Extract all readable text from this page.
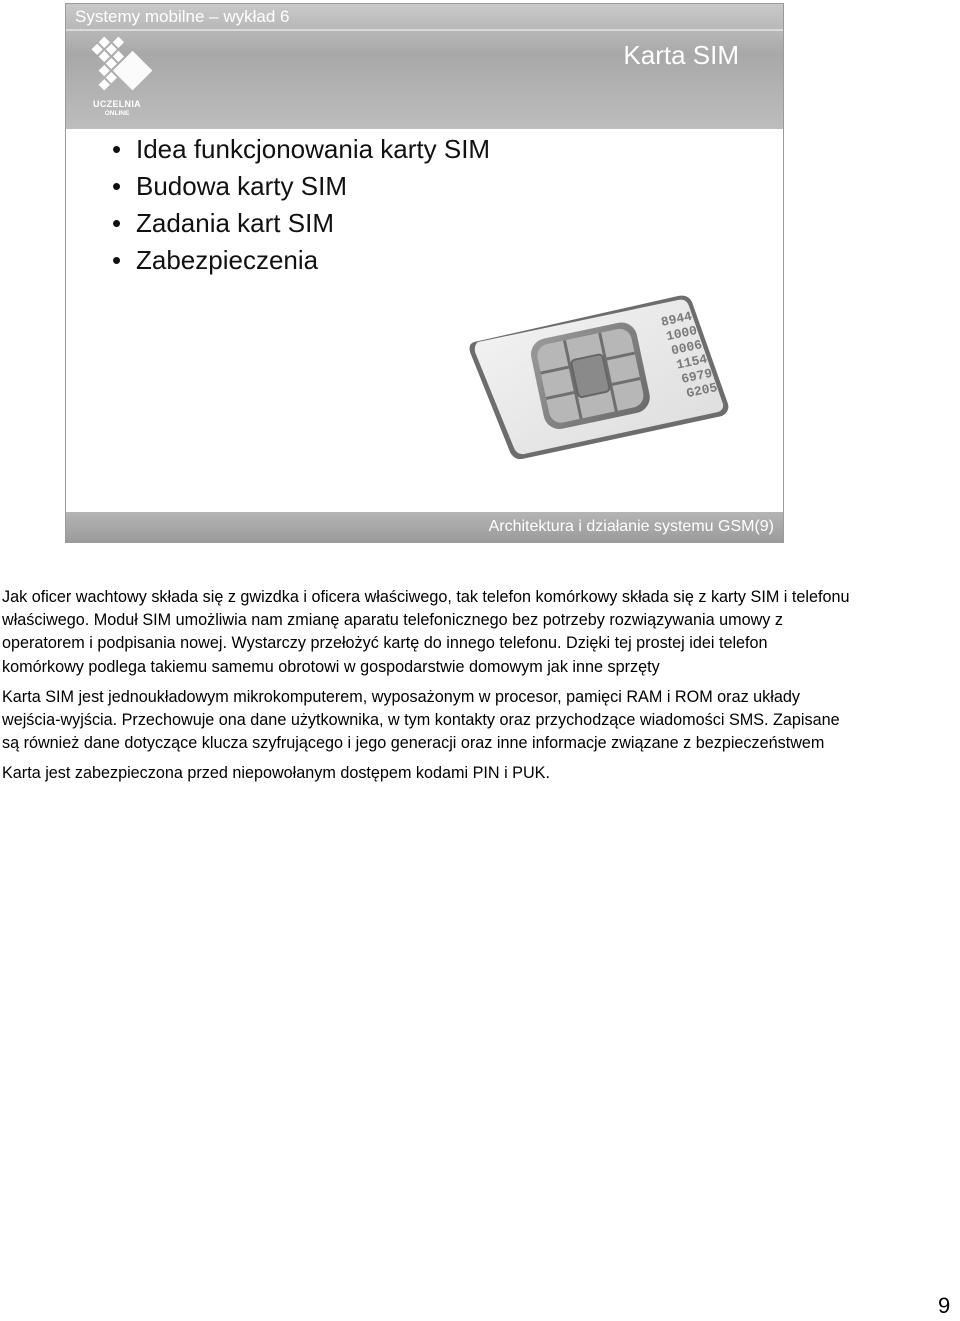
Systemy mobilne – wykład 6
Karta SIM
UCZELNIA
ONLINE
• Idea funkcjonowania karty SIM
• Budowa karty SIM
• Zadania kart SIM
• Zabezpieczenia
8944
1000
0006
1154
6979
G205
Architektura i działanie systemu GSM(9)

Jak oficer wachtowy składa się z gwizdka i oficera właściwego, tak telefon komórkowy składa się z karty SIM i telefonu właściwego. Moduł SIM umożliwia nam zmianę aparatu telefonicznego bez potrzeby rozwiązywania umowy z operatorem i podpisania nowej. Wystarczy przełożyć kartę do innego telefonu. Dzięki tej prostej idei telefon komórkowy podlega takiemu samemu obrotowi w gospodarstwie domowym jak inne sprzęty

Karta SIM jest jednoukładowym mikrokomputerem, wyposażonym w procesor, pamięci RAM i ROM oraz układy wejścia-wyjścia. Przechowuje ona dane użytkownika, w tym kontakty oraz przychodzące wiadomości SMS. Zapisane są również dane dotyczące klucza szyfrującego i jego generacji oraz inne informacje związane z bezpieczeństwem

Karta jest zabezpieczona przed niepowołanym dostępem kodami PIN i PUK.

9
